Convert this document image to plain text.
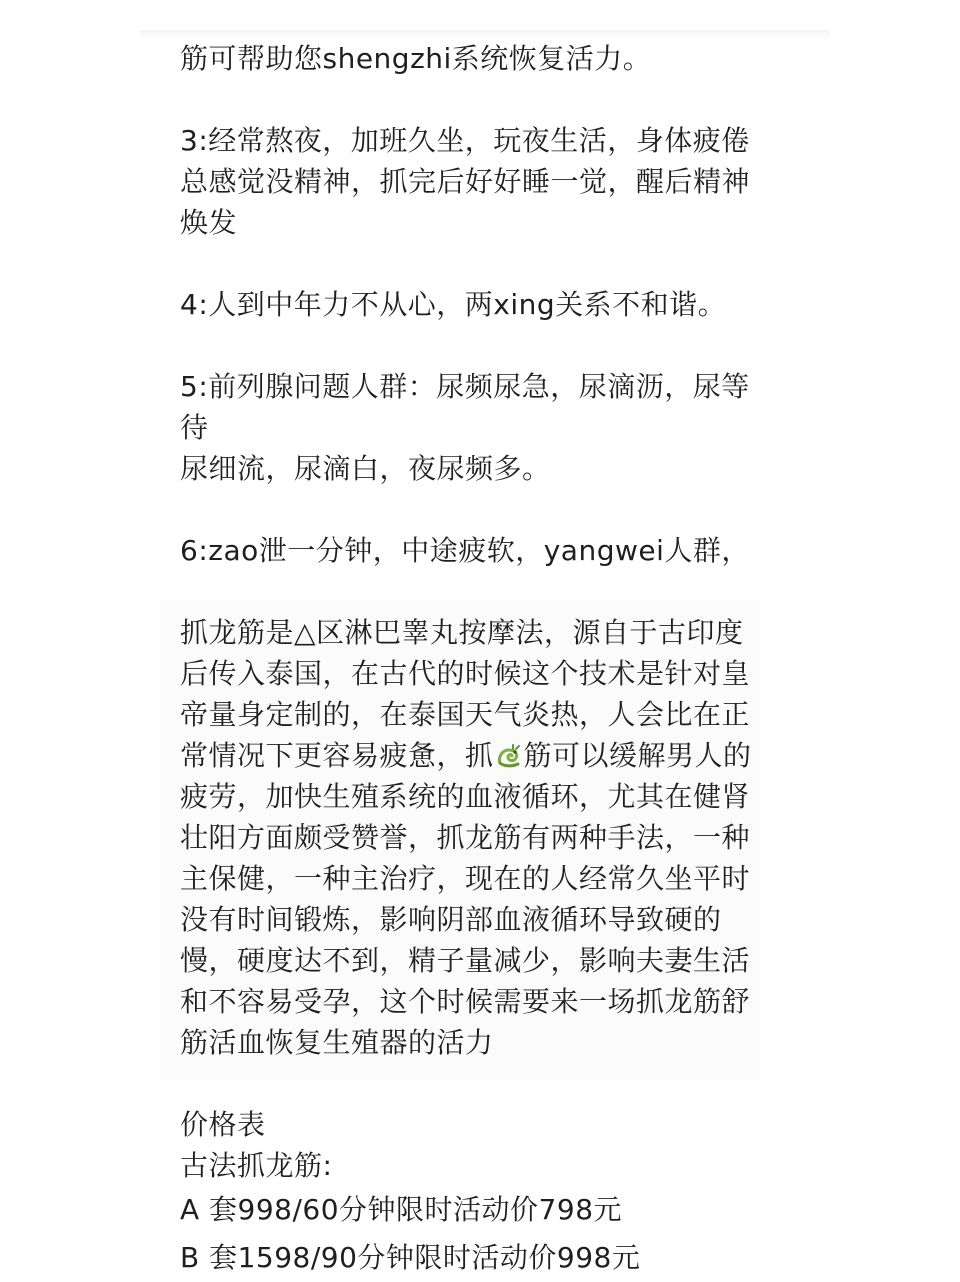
筋可帮助您shengzhi系统恢复活力。
3:经常熬夜，加班久坐，玩夜生活，身体疲倦
总感觉没精神，抓完后好好睡一觉，醒后精神
焕发
4:人到中年力不从心，两xing关系不和谐。
5:前列腺问题人群：尿频尿急，尿滴沥，尿等
待
尿细流，尿滴白，夜尿频多。
6:zao泄一分钟，中途疲软，yangwei人群，
抓龙筋是△区淋巴睾丸按摩法，源自于古印度
后传入泰国，在古代的时候这个技术是针对皇
帝量身定制的，在泰国天气炎热，人会比在正
常情况下更容易疲惫，抓 筋可以缓解男人的
疲劳，加快生殖系统的血液循环，尤其在健肾
壮阳方面颇受赞誉，抓龙筋有两种手法，一种
主保健，一种主治疗，现在的人经常久坐平时
没有时间锻炼，影响阴部血液循环导致硬的
慢，硬度达不到，精子量减少，影响夫妻生活
和不容易受孕，这个时候需要来一场抓龙筋舒
筋活血恢复生殖器的活力
价格表
古法抓龙筋:
A 套998/60分钟限时活动价798元
B 套1598/90分钟限时活动价998元
